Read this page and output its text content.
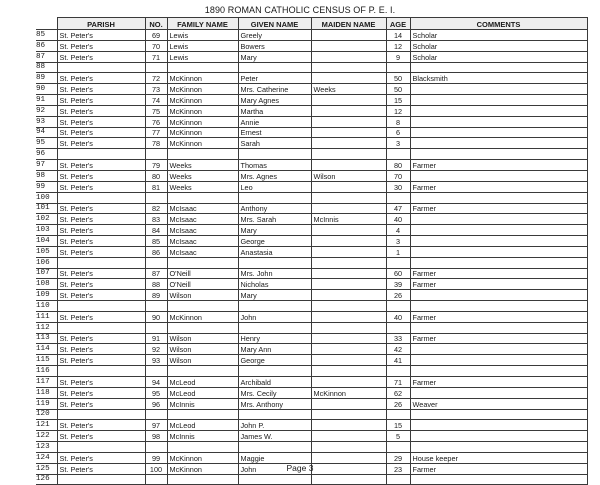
1890 ROMAN CATHOLIC CENSUS OF P. E. I.
	PARISH	NO.	FAMILY NAME	GIVEN NAME	MAIDEN NAME	AGE	COMMENTS
85	St. Peter's	69	Lewis	Greely		14	Scholar
86	St. Peter's	70	Lewis	Bowers		12	Scholar
87	St. Peter's	71	Lewis	Mary		9	Scholar
88							
89	St. Peter's	72	McKinnon	Peter		50	Blacksmith
90	St. Peter's	73	McKinnon	Mrs. Catherine	Weeks	50	
91	St. Peter's	74	McKinnon	Mary Agnes		15	
92	St. Peter's	75	McKinnon	Martha		12	
93	St. Peter's	76	McKinnon	Annie		8	
94	St. Peter's	77	McKinnon	Ernest		6	
95	St. Peter's	78	McKinnon	Sarah		3	
96							
97	St. Peter's	79	Weeks	Thomas		80	Farmer
98	St. Peter's	80	Weeks	Mrs. Agnes	Wilson	70	
99	St. Peter's	81	Weeks	Leo		30	Farmer
100							
101	St. Peter's	82	McIsaac	Anthony		47	Farmer
102	St. Peter's	83	McIsaac	Mrs. Sarah	McInnis	40	
103	St. Peter's	84	McIsaac	Mary		4	
104	St. Peter's	85	McIsaac	George		3	
105	St. Peter's	86	McIsaac	Anastasia		1	
106							
107	St. Peter's	87	O'Neill	Mrs. John		60	Farmer
108	St. Peter's	88	O'Neill	Nicholas		39	Farmer
109	St. Peter's	89	Wilson	Mary		26	
110							
111	St. Peter's	90	McKinnon	John		40	Farmer
112							
113	St. Peter's	91	Wilson	Henry		33	Farmer
114	St. Peter's	92	Wilson	Mary Ann		42	
115	St. Peter's	93	Wilson	George		41	
116							
117	St. Peter's	94	McLeod	Archibald		71	Farmer
118	St. Peter's	95	McLeod	Mrs. Cecily	McKinnon	62	
119	St. Peter's	96	McInnis	Mrs. Anthony		26	Weaver
120							
121	St. Peter's	97	McLeod	John P.		15	
122	St. Peter's	98	McInnis	James W.		5	
123							
124	St. Peter's	99	McKinnon	Maggie		29	House keeper
125	St. Peter's	100	McKinnon	John		23	Farmer
126							
Page 3
